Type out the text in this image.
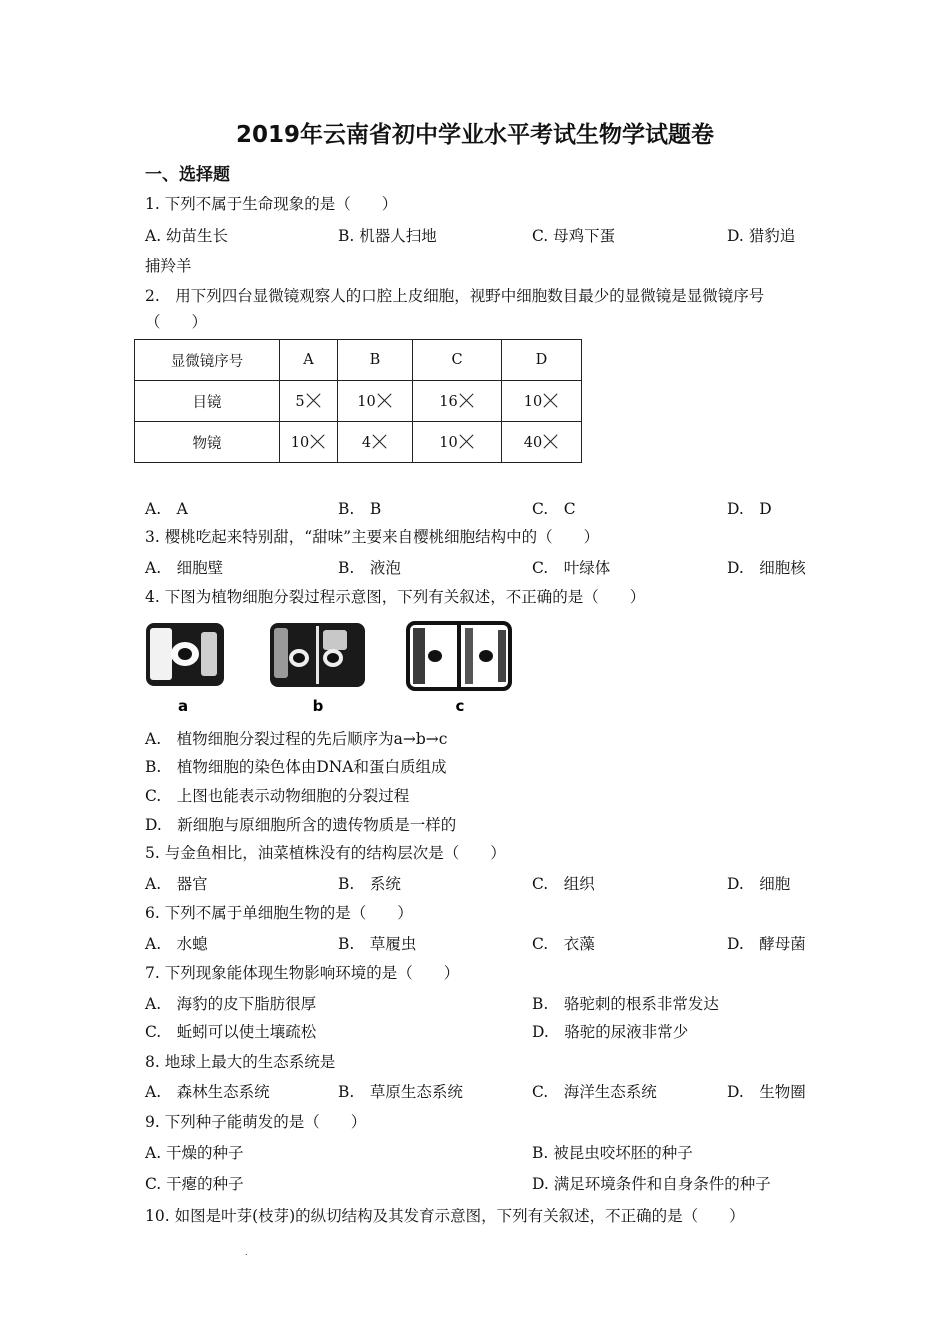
2019年云南省初中学业水平考试生物学试题卷
一、选择题
1. 下列不属于生命现象的是（　　）
A. 幼苗生长	B. 机器人扫地	C. 母鸡下蛋	D. 猎豹追
捕羚羊
2.　用下列四台显微镜观察人的口腔上皮细胞，视野中细胞数目最少的显微镜是显微镜序号
（　　）
显微镜序号	A	B	C	D
目镜	5	10	16	10
物镜	10	4	10	40
A.　A	B.　B	C.　C	D.　D
3. 樱桃吃起来特别甜，“甜味”主要来自樱桃细胞结构中的（　　）
A.　细胞壁	B.　液泡	C.　叶绿体	D.　细胞核
4. 下图为植物细胞分裂过程示意图，下列有关叙述，不正确的是（　　）
a	b	c
A.　植物细胞分裂过程的先后顺序为a→b→c
B.　植物细胞的染色体由DNA和蛋白质组成
C.　上图也能表示动物细胞的分裂过程
D.　新细胞与原细胞所含的遗传物质是一样的
5. 与金鱼相比，油菜植株没有的结构层次是（　　）
A.　器官	B.　系统	C.　组织	D.　细胞
6. 下列不属于单细胞生物的是（　　）
A.　水螅	B.　草履虫	C.　衣藻	D.　酵母菌
7. 下列现象能体现生物影响环境的是（　　）
A.　海豹的皮下脂肪很厚	B.　骆驼刺的根系非常发达
C.　蚯蚓可以使土壤疏松	D.　骆驼的尿液非常少
8. 地球上最大的生态系统是
A.　森林生态系统	B.　草原生态系统	C.　海洋生态系统	D.　生物圈
9. 下列种子能萌发的是（　　）
A. 干燥的种子	B. 被昆虫咬坏胚的种子
C. 干瘪的种子	D. 满足环境条件和自身条件的种子
10. 如图是叶芽(枝芽)的纵切结构及其发育示意图，下列有关叙述，不正确的是（　　）
.
